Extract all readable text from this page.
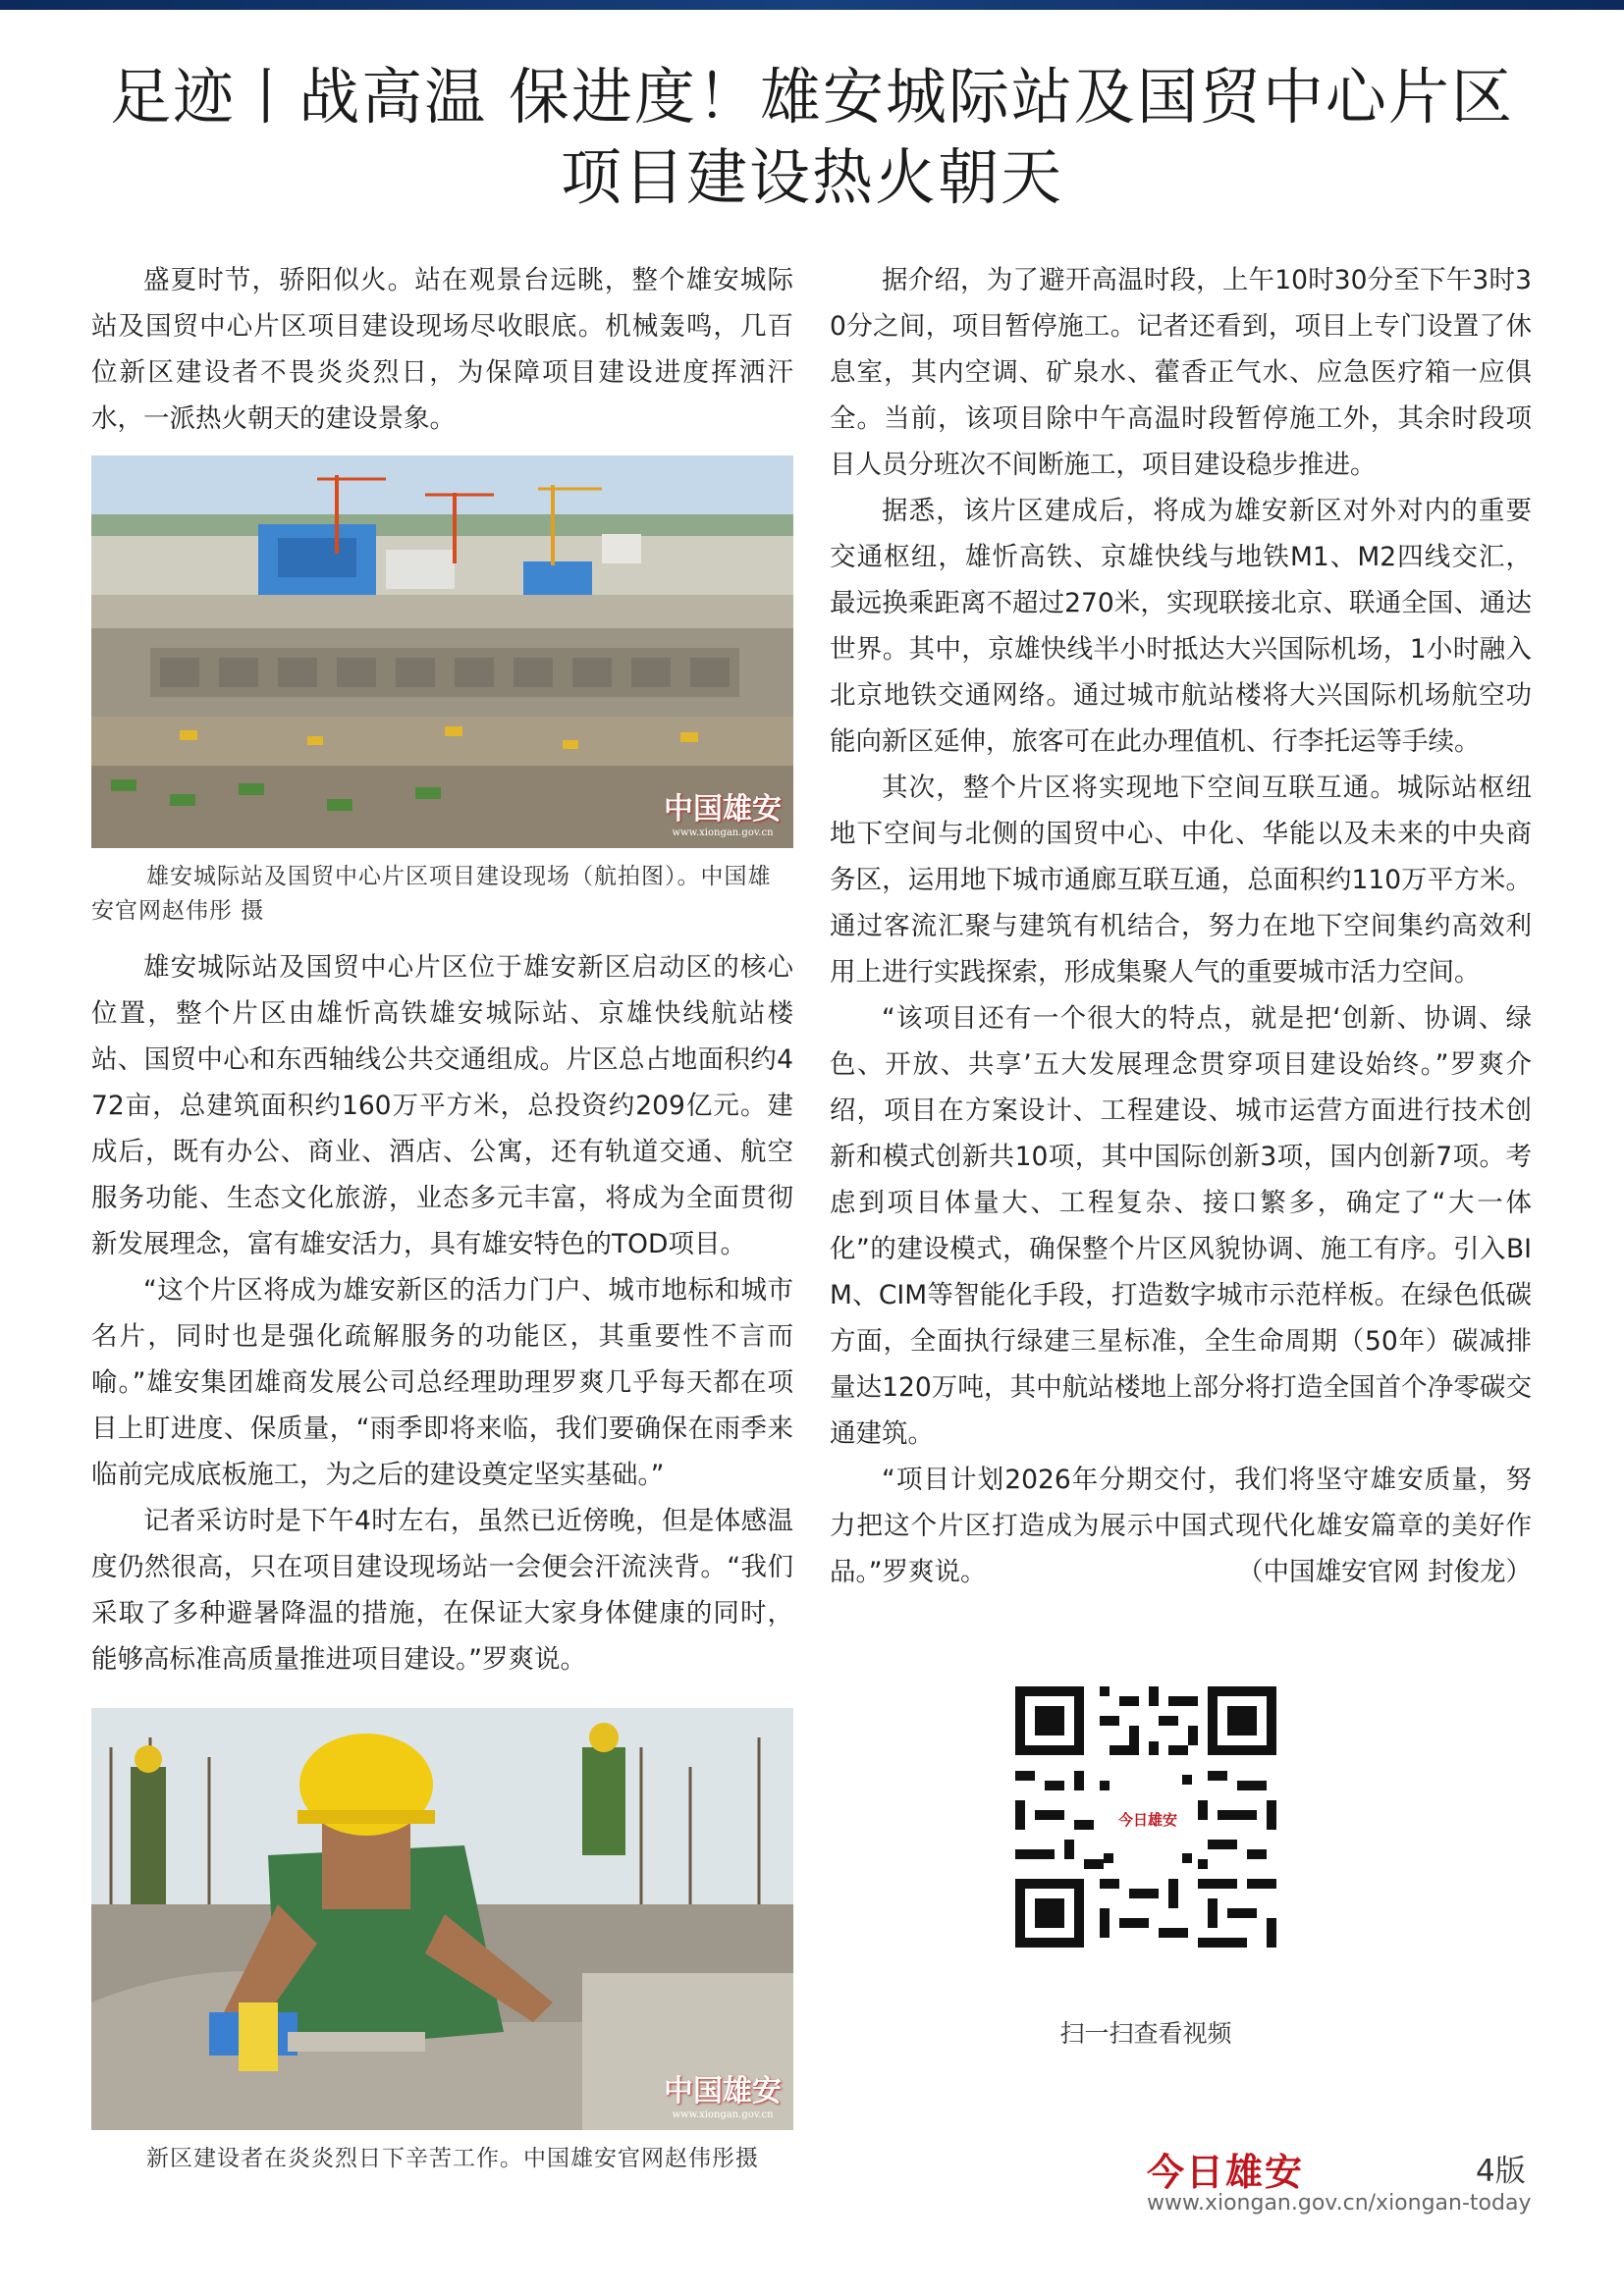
足迹丨战高温 保进度！雄安城际站及国贸中心片区
项目建设热火朝天

盛夏时节，骄阳似火。站在观景台远眺，整个雄安城际站及国贸中心片区项目建设现场尽收眼底。机械轰鸣，几百位新区建设者不畏炎炎烈日，为保障项目建设进度挥洒汗水，一派热火朝天的建设景象。

中国雄安
www.xiongan.gov.cn

雄安城际站及国贸中心片区项目建设现场（航拍图）。中国雄安官网赵伟彤 摄

雄安城际站及国贸中心片区位于雄安新区启动区的核心位置，整个片区由雄忻高铁雄安城际站、京雄快线航站楼站、国贸中心和东西轴线公共交通组成。片区总占地面积约472亩，总建筑面积约160万平方米，总投资约209亿元。建成后，既有办公、商业、酒店、公寓，还有轨道交通、航空服务功能、生态文化旅游，业态多元丰富，将成为全面贯彻新发展理念，富有雄安活力，具有雄安特色的TOD项目。

“这个片区将成为雄安新区的活力门户、城市地标和城市名片，同时也是强化疏解服务的功能区，其重要性不言而喻。”雄安集团雄商发展公司总经理助理罗爽几乎每天都在项目上盯进度、保质量，“雨季即将来临，我们要确保在雨季来临前完成底板施工，为之后的建设奠定坚实基础。”

记者采访时是下午4时左右，虽然已近傍晚，但是体感温度仍然很高，只在项目建设现场站一会便会汗流浃背。“我们采取了多种避暑降温的措施，在保证大家身体健康的同时，能够高标准高质量推进项目建设。”罗爽说。

中国雄安
www.xiongan.gov.cn

新区建设者在炎炎烈日下辛苦工作。中国雄安官网赵伟彤摄

据介绍，为了避开高温时段，上午10时30分至下午3时30分之间，项目暂停施工。记者还看到，项目上专门设置了休息室，其内空调、矿泉水、藿香正气水、应急医疗箱一应俱全。当前，该项目除中午高温时段暂停施工外，其余时段项目人员分班次不间断施工，项目建设稳步推进。

据悉，该片区建成后，将成为雄安新区对外对内的重要交通枢纽，雄忻高铁、京雄快线与地铁M1、M2四线交汇，最远换乘距离不超过270米，实现联接北京、联通全国、通达世界。其中，京雄快线半小时抵达大兴国际机场，1小时融入北京地铁交通网络。通过城市航站楼将大兴国际机场航空功能向新区延伸，旅客可在此办理值机、行李托运等手续。

其次，整个片区将实现地下空间互联互通。城际站枢纽地下空间与北侧的国贸中心、中化、华能以及未来的中央商务区，运用地下城市通廊互联互通，总面积约110万平方米。通过客流汇聚与建筑有机结合，努力在地下空间集约高效利用上进行实践探索，形成集聚人气的重要城市活力空间。

“该项目还有一个很大的特点，就是把‘创新、协调、绿色、开放、共享’五大发展理念贯穿项目建设始终。”罗爽介绍，项目在方案设计、工程建设、城市运营方面进行技术创新和模式创新共10项，其中国际创新3项，国内创新7项。考虑到项目体量大、工程复杂、接口繁多，确定了“大一体化”的建设模式，确保整个片区风貌协调、施工有序。引入BIM、CIM等智能化手段，打造数字城市示范样板。在绿色低碳方面，全面执行绿建三星标准，全生命周期（50年）碳减排量达120万吨，其中航站楼地上部分将打造全国首个净零碳交通建筑。

“项目计划2026年分期交付，我们将坚守雄安质量，努力把这个片区打造成为展示中国式现代化雄安篇章的美好作品。”罗爽说。	（中国雄安官网 封俊龙）

今日雄安
扫一扫查看视频
今日雄安	4版
www.xiongan.gov.cn/xiongan-today
